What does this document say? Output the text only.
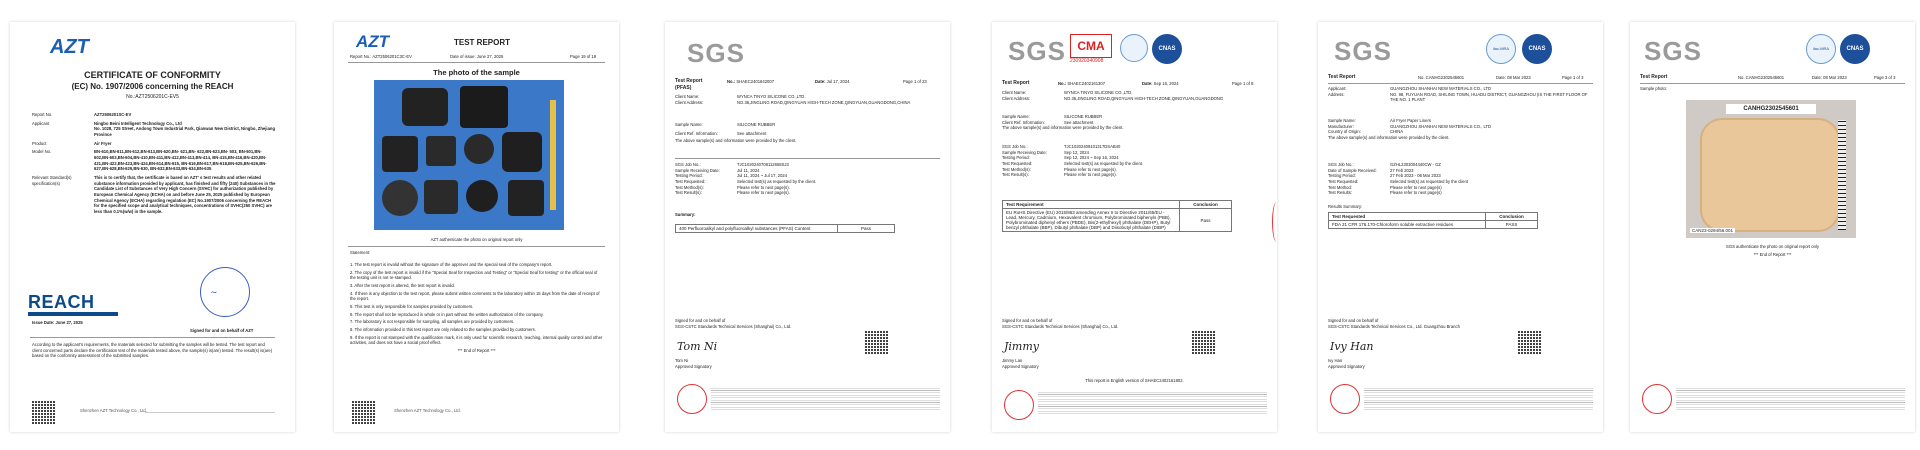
AZT
CERTIFICATE OF CONFORMITY
(EC) No. 1907/2006 concerning the REACH
No.:AZT2506201C-EV5
Report No.	AZT2506201SC-EV
Applicant	Ningbo Beini Intelligent Technology Co., Ltd
No. 1028, 725 Street, Andong Town Industrial Park, Qianwan New District, Ningbo, Zhejiang Province
Product	Air Fryer
Model No.	BN-610,BN-611,BN-612,BN-613,BN-620,BN- 621,BN- 622,BN-623,BN- 503, BN-601,BN-602,BN-603,BN-604,BN-410,BN-411,BN-412,BN-413,BN-414, BN-415,BN-416,BN-420,BN-421,BN-422,BN-423,BN-424,BN-614,BN-615, BN-616,BN-617,BN-618,BN-625,BN-626,BN-627,BN-628,BN-629,BN-630, BN-632,BN-633,BN-634,BN-635
Relevant Standard(s) specification(s)
This is to certify that, the certificate is based on AZT' s test results and other related substance information provided by applicant, has finished and fifty (240) Substances in the Candidate List of Substances of Very High Concern (SVHC) for authorization published by European Chemical Agency (ECHA) on and before June 25, 2025 published by European Chemical Agency (ECHA) regarding regulation (EC) No.1907/2006 concerning the REACH for the specified scope and analytical techniques, concentrations of SVHC(250 SVHC) are less than 0.1%(w/w) in the sample.
REACH
Issue Date: June 27, 2025
~
Signed for and on behalf of AZT
According to the applicant's requirements, the materials selected for submitting the samples will be tested. The test report and client concerned parts declare the certification test of the materials tested above, the sample(s) is(are) tested. The result(s) is(are) based on the conformity assessment of the submitted samples.
Shenzhen AZT Technology Co., Ltd.
AZT	TEST REPORT
Report No.: AZT2506201C3C-EV	Date of issue: June 27, 2025	Page 19 of 19
The photo of the sample
AZT authenticate the photo on original report only
Statement:
1. The test report is invalid without the signature of the approver and the special seal of the company's report.
2. The copy of the test report is invalid if the "Special Seal for Inspection and Testing" or "Special Seal for testing" or the official seal of the testing unit is not re-stamped.
3. After the test report is altered, the test report is invalid.
4. If there is any objection to the test report, please submit written comments to the laboratory within 15 days from the date of receipt of the report.
5. This test is only responsible for samples provided by customers.
6. The report shall not be reproduced in whole or in part without the written authorization of the company.
7. The laboratory is not responsible for sampling, all samples are provided by customers.
8. The information provided in this test report are only related to the samples provided by customers.
9. If the report is not stamped with the qualification mark, it is only used for scientific research, teaching, internal quality control and other activities, and does not have a social proof effect.
*** End of Report ***
Shenzhen AZT Technology Co., Ltd.
SGS
Test Report
(PFAS)
No.: SHAEC2401642007	Date: Jul 17, 2024	Page 1 of 23
Client Name:	WYNCA TINYO SILICONE CO.,LTD.
Client Address:	NO.36,JINGLING ROAD,QINGYUAN HIGH-TECH ZONE,QINGYUAN,GUANGDONG,CHINA
Sample Name:	SILICONE RUBBER
Client Ref. Information:	See attachment
The above sample(s) and information were provided by the client.
SGS Job No.:	TJC1020240708112658SJ3
Sample Receiving Date:	Jul 11, 2024
Testing Period:	Jul 11, 2024 ~ Jul 17, 2024
Test Requested:	Selected test(s) as requested by the client.
Test Method(s):	Please refer to next page(s).
Test Result(s):	Please refer to next page(s).
Summary:
400 Perfluoroalkyl and polyfluoroalkyl substances (PFAS) Content	Pass
Signed for and on behalf of
SGS-CSTC Standards Technical Services (Shanghai) Co., Ltd.
Tom Ni
Tom Ni
Approved Signatory
SGS CMA
230920340908
CNAS
Test Report	No.: SHAEC2402161307	Date: Sep 16, 2024	Page 1 of 8
Client Name:	WYNCA TINYO SILICONE CO.,LTD.
Client Address:	NO.36,JINGLING ROAD,QINGYUAN HIGH-TECH ZONE,QINGYUAN,GUANGDONG
Sample Name:	SILICONE RUBBER
Client Ref. Information:	See attachment
The above sample(s) and information were provided by the client.
SGS Job No.:	TJC10202409101317DSAB40
Sample Receiving Date:	Sep 12, 2024
Testing Period:	Sep 12, 2024 ~ Sep 16, 2024
Test Requested:	Selected test(s) as requested by the client.
Test Method(s):	Please refer to next page(s).
Test Result(s):	Please refer to next page(s).
Test Requirement	Conclusion
EU RoHS Directive (EU) 2015/863 amending Annex II to Directive 2011/65/EU - Lead, Mercury, Cadmium, Hexavalent chromium, Polybrominated biphenyls (PBB), Polybrominated diphenyl ethers (PBDE), Bis(2-ethylhexyl) phthalate (DEHP), Butyl benzyl phthalate (BBP), Dibutyl phthalate (DBP) and Diisobutyl phthalate (DIBP)	Pass
Signed for and on behalf of
SGS-CSTC Standards Technical Services (Shanghai) Co., Ltd.
Jimmy
Jimmy Lan
Approved Signatory
This report is English version of SHAEC2402161802.
SGS	ilac-MRA	CNAS
Test Report	No. CANHG2302545601	Date: 08 Mar 2023	Page 1 of 3
Applicant:	GUANGZHOU SHANHAI NEW MATERIALS CO., LTD
Address:	NO. 98, FUYUAN ROAD, SHILING TOWN, HUADU DISTRICT, GUANGZHOU (IS THE FIRST FLOOR OF THE NO. 1 PLANT
Sample Name:	Air Fryer Paper Liners
Manufacturer:	GUANGZHOU SHANHAI NEW MATERIALS CO., LTD
Country of Origin:	CHINA
The above sample(s) and information were provided by the client.
SGS Job No.:	GZHL2303004440CW - GZ
Date of Sample Received:	27 Feb 2023
Testing Period:	27 Feb 2023 - 06 Mar 2023
Test Requested:	Selected test(s) as requested by the client
Test Method:	Please refer to next page(s)
Test Results:	Please refer to next page(s)
Results Summary:
Test Requested	Conclusion
FDA 21 CFR 176.170-Chloroform soluble extractive residues	PASS
Signed for and on behalf of
SGS-CSTC Standards Technical Services Co., Ltd. Guangzhou Branch
Ivy Han
Ivy Han
Approved Signatory
SGS	ilac-MRA	CNAS
Test Report	No. CANHG2302545601	Date: 08 Mar 2023	Page 3 of 3
Sample photo:
CANHG2302545601
CAN23-0294/56.001
SGS authenticate the photo on original report only
*** End of Report ***
